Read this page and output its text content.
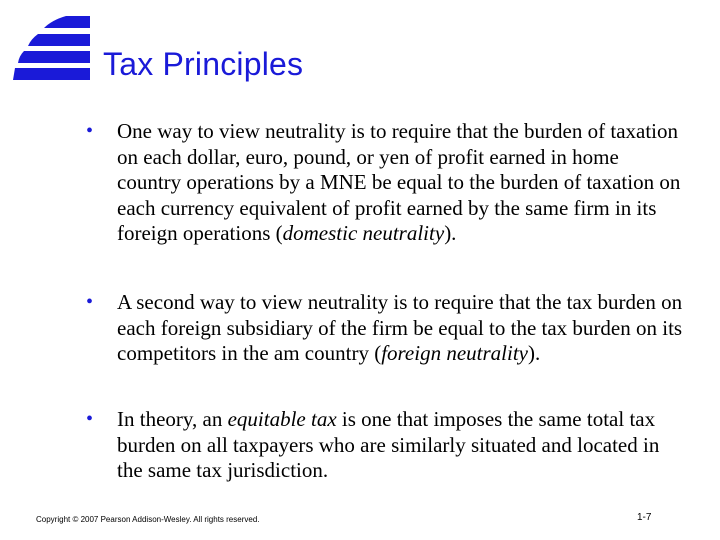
Tax Principles
• One way to view neutrality is to require that the burden of taxation on each dollar, euro, pound, or yen of profit earned in home country operations by a MNE be equal to the burden of taxation on each currency equivalent of profit earned by the same firm in its foreign operations (domestic neutrality).
• A second way to view neutrality is to require that the tax burden on each foreign subsidiary of the firm be equal to the tax burden on its competitors in the am country (foreign neutrality).
• In theory, an equitable tax is one that imposes the same total tax burden on all taxpayers who are similarly situated and located in the same tax jurisdiction.
Copyright © 2007 Pearson Addison-Wesley. All rights reserved.	1-7
